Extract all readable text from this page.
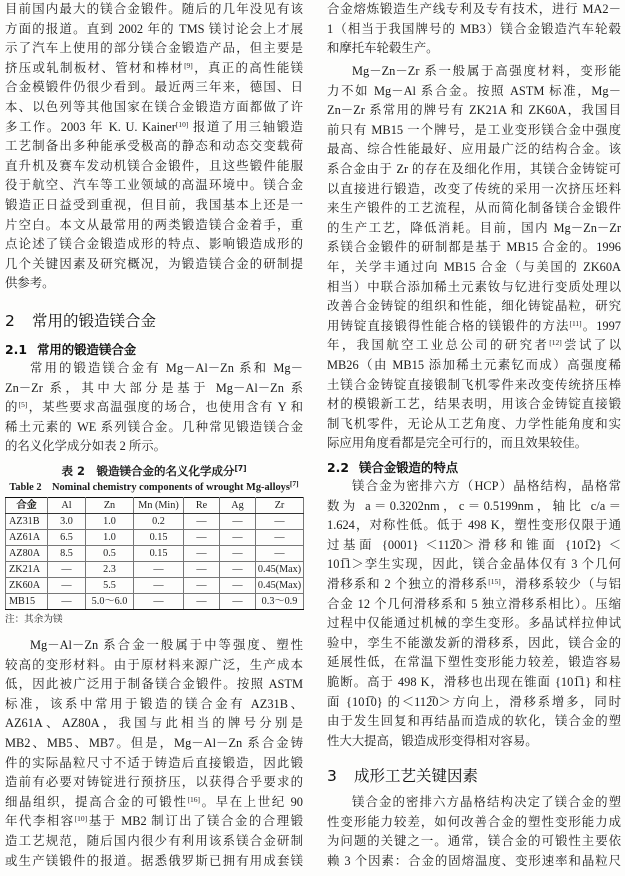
目前国内最大的镁合金锻件。随后的几年没见有该
方面的报道。直到 2002 年的 TMS 镁讨论会上才展
示了汽车上使用的部分镁合金锻造产品，但主要是
挤压或轧制板材、管材和棒材[9]，真正的高性能镁
合金模锻件仍很少看到。最近两三年来，德国、日
本、以色列等其他国家在镁合金锻造方面都做了许
多工作。2003 年 K. U. Kainer[10] 报道了用三轴锻造
工艺制备出多种能承受极高的静态和动态交变载荷
直升机及赛车发动机镁合金锻件，且这些锻件能服
役于航空、汽车等工业领域的高温环境中。镁合金
锻造正日益受到重视，但目前，我国基本上还是一
片空白。本文从最常用的两类锻造镁合金着手，重
点论述了镁合金锻造成形的特点、影响锻造成形的
几个关键因素及研究概况，为锻造镁合金的研制提
供参考。
2 常用的锻造镁合金
2.1 常用的锻造镁合金
常用的锻造镁合金有 Mg－Al－Zn 系和 Mg－
Zn－Zr 系，其中大部分是基于 Mg－Al－Zn 系
的[5]，某些要求高温强度的场合，也使用含有 Y 和
稀土元素的 WE 系列镁合金。几种常见锻造镁合金
的名义化学成分如表 2 所示。
表 2　锻造镁合金的名义化学成分[7]
Table 2　Nominal chemistry components of wrought Mg-alloys[7]
合金	Al	Zn	Mn (Min)	Re	Ag	Zr
AZ31B	3.0	1.0	0.2	—	—	—
AZ61A	6.5	1.0	0.15	—	—	—
AZ80A	8.5	0.5	0.15	—	—	—
ZK21A	—	2.3	—	—	—	0.45(Max)
ZK60A	—	5.5	—	—	—	0.45(Max)
MB15	—	5.0～6.0	—	—	—	0.3～0.9
注：其余为镁
Mg－Al－Zn 系合金一般属于中等强度、塑性
较高的变形材料。由于原材料来源广泛，生产成本
低，因此被广泛用于制备镁合金锻件。按照 ASTM
标准，该系中常用于锻造的镁合金有 AZ31B、
AZ61A、AZ80A，我国与此相当的牌号分别是
MB2、MB5、MB7。但是，Mg－Al－Zn 系合金铸
件的实际晶粒尺寸不适于铸造后直接锻造，因此锻
造前有必要对铸锭进行预挤压，以获得合乎要求的
细晶组织，提高合金的可锻性[16]。早在上世纪 90
年代李相容[10]基于 MB2 制订出了镁合金的合理锻
造工艺规范，随后国内很少有利用该系镁合金研制
或生产镁锻件的报道。据悉俄罗斯已拥有用成套镁
合金熔炼锻造生产线专利及专有技术，进行 MA2－
1（相当于我国牌号的 MB3）镁合金锻造汽车轮毂
和摩托车轮毂生产。
Mg－Zn－Zr 系一般属于高强度材料，变形能
力不如 Mg－Al 系合金。按照 ASTM 标准，Mg－
Zn－Zr 系常用的牌号有 ZK21A 和 ZK60A，我国目
前只有 MB15 一个牌号，是工业变形镁合金中强度
最高、综合性能最好、应用最广泛的结构合金。该
系合金由于 Zr 的存在及细化作用，其镁合金铸锭可
以直接进行锻造，改变了传统的采用一次挤压坯料
来生产锻件的工艺流程，从而简化制备镁合金锻件
的生产工艺，降低消耗。目前，国内 Mg－Zn－Zr
系镁合金锻件的研制都是基于 MB15 合金的。1996
年，关学丰通过向 MB15 合金（与美国的 ZK60A
相当）中联合添加稀土元素钕与钇进行变质处理以
改善合金铸锭的组织和性能，细化铸锭晶粒，研究
用铸锭直接锻得性能合格的镁锻件的方法[11]。1997
年，我国航空工业总公司的研究者[12]尝试了以
MB26（由 MB15 添加稀土元素钇而成）高强度稀
土镁合金铸锭直接锻制飞机零件来改变传统挤压棒
材的模锻新工艺，结果表明，用该合金铸锭直接锻
制飞机零件，无论从工艺角度、力学性能角度和实
际应用角度看都是完全可行的，而且效果较佳。
2.2 镁合金锻造的特点
镁合金为密排六方（HCP）晶格结构，晶格常
数为 a＝0.3202nm，c＝0.5199nm，轴比 c/a＝
1.624，对称性低。低于 498 K，塑性变形仅限于通
过基面 {0001} ＜112̅0＞滑移和锥面 {101̅2} ＜
101̅1＞孪生实现，因此，镁合金晶体仅有 3 个几何
滑移系和 2 个独立的滑移系[15]，滑移系较少（与铝
合金 12 个几何滑移系和 5 独立滑移系相比）。压缩
过程中仅能通过机械的孪生变形。多晶试样拉伸试
验中，孪生不能激发新的滑移系，因此，镁合金的
延展性低，在常温下塑性变形能力较差，锻造容易
脆断。高于 498 K，滑移也出现在锥面 {101̅1} 和柱
面 {101̅0} 的＜112̅0＞方向上，滑移系增多，同时
由于发生回复和再结晶而造成的软化，镁合金的塑
性大大提高，锻造成形变得相对容易。
3 成形工艺关键因素
镁合金的密排六方晶格结构决定了镁合金的塑
性变形能力较差，如何改善合金的塑性变形能力成
为问题的关键之一。通常，镁合金的可锻性主要依
赖 3 个因素：合金的固熔温度、变形速率和晶粒尺
